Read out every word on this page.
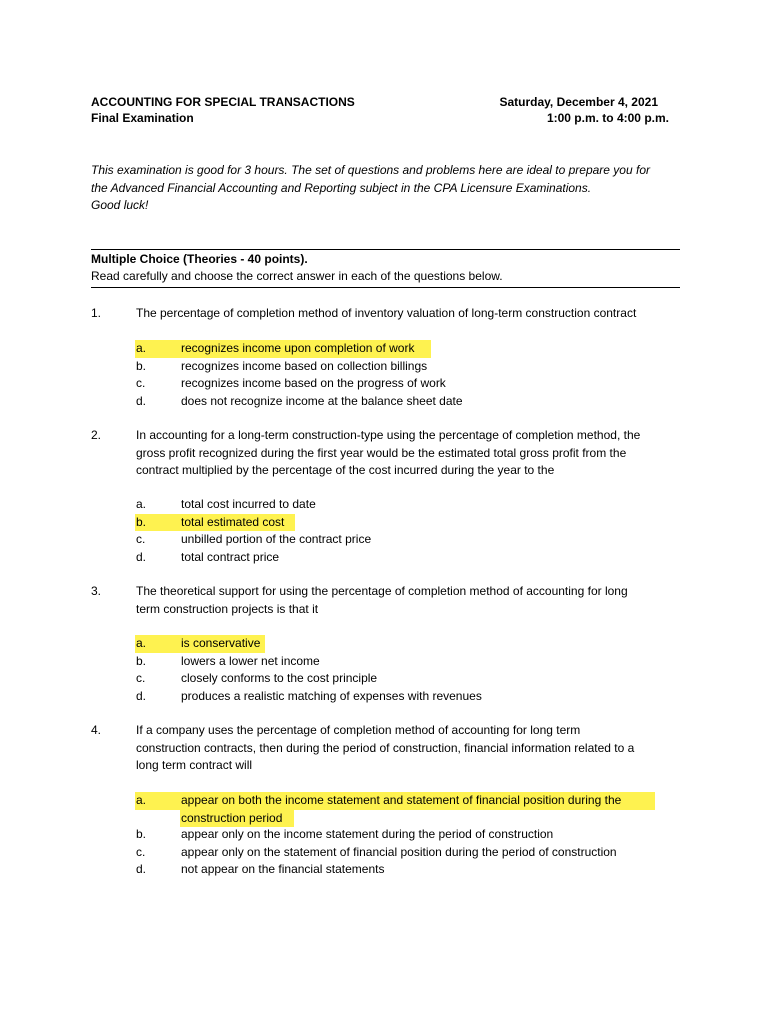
ACCOUNTING FOR SPECIAL TRANSACTIONS	Saturday, December 4, 2021
Final Examination	1:00 p.m. to 4:00 p.m.
This examination is good for 3 hours. The set of questions and problems here are ideal to prepare you for
the Advanced Financial Accounting and Reporting subject in the CPA Licensure Examinations.
Good luck!
Multiple Choice (Theories - 40 points).
Read carefully and choose the correct answer in each of the questions below.
1.	The percentage of completion method of inventory valuation of long-term construction contract
a.	recognizes income upon completion of work
b.	recognizes income based on collection billings
c.	recognizes income based on the progress of work
d.	does not recognize income at the balance sheet date
2.	In accounting for a long-term construction-type using the percentage of completion method, the
gross profit recognized during the first year would be the estimated total gross profit from the
contract multiplied by the percentage of the cost incurred during the year to the
a.	total cost incurred to date
b.	total estimated cost
c.	unbilled portion of the contract price
d.	total contract price
3.	The theoretical support for using the percentage of completion method of accounting for long
term construction projects is that it
a.	is conservative
b.	lowers a lower net income
c.	closely conforms to the cost principle
d.	produces a realistic matching of expenses with revenues
4.	If a company uses the percentage of completion method of accounting for long term
construction contracts, then during the period of construction, financial information related to a
long term contract will
a.	appear on both the income statement and statement of financial position during the
construction period
b.	appear only on the income statement during the period of construction
c.	appear only on the statement of financial position during the period of construction
d.	not appear on the financial statements
